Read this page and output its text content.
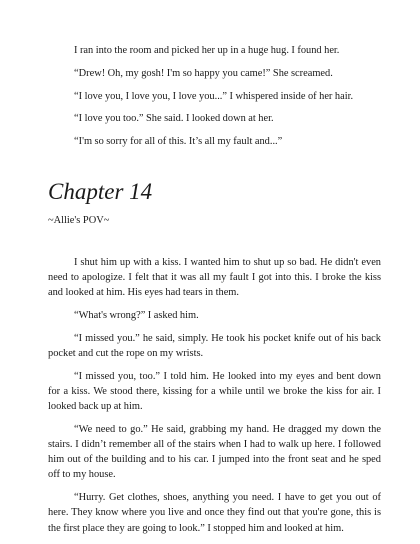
I ran into the room and picked her up in a huge hug. I found her.

“Drew! Oh, my gosh! I'm so happy you came!” She screamed.

“I love you, I love you, I love you...” I whispered inside of her hair.

“I love you too.” She said. I looked down at her.

“I'm so sorry for all of this. It’s all my fault and...”

Chapter 14

~Allie's POV~

I shut him up with a kiss. I wanted him to shut up so bad. He didn't even need to apologize. I felt that it was all my fault I got into this. I broke the kiss and looked at him. His eyes had tears in them.

“What's wrong?” I asked him.

“I missed you.” he said, simply. He took his pocket knife out of his back pocket and cut the rope on my wrists.

“I missed you, too.” I told him. He looked into my eyes and bent down for a kiss. We stood there, kissing for a while until we broke the kiss for air. I looked back up at him.

“We need to go.” He said, grabbing my hand. He dragged my down the stairs. I didn’t remember all of the stairs when I had to walk up here. I followed him out of the building and to his car. I jumped into the front seat and he sped off to my house.

“Hurry. Get clothes, shoes, anything you need. I have to get you out of here. They know where you live and once they find out that you're gone, this is the first place they are going to look.” I stopped him and looked at him.
